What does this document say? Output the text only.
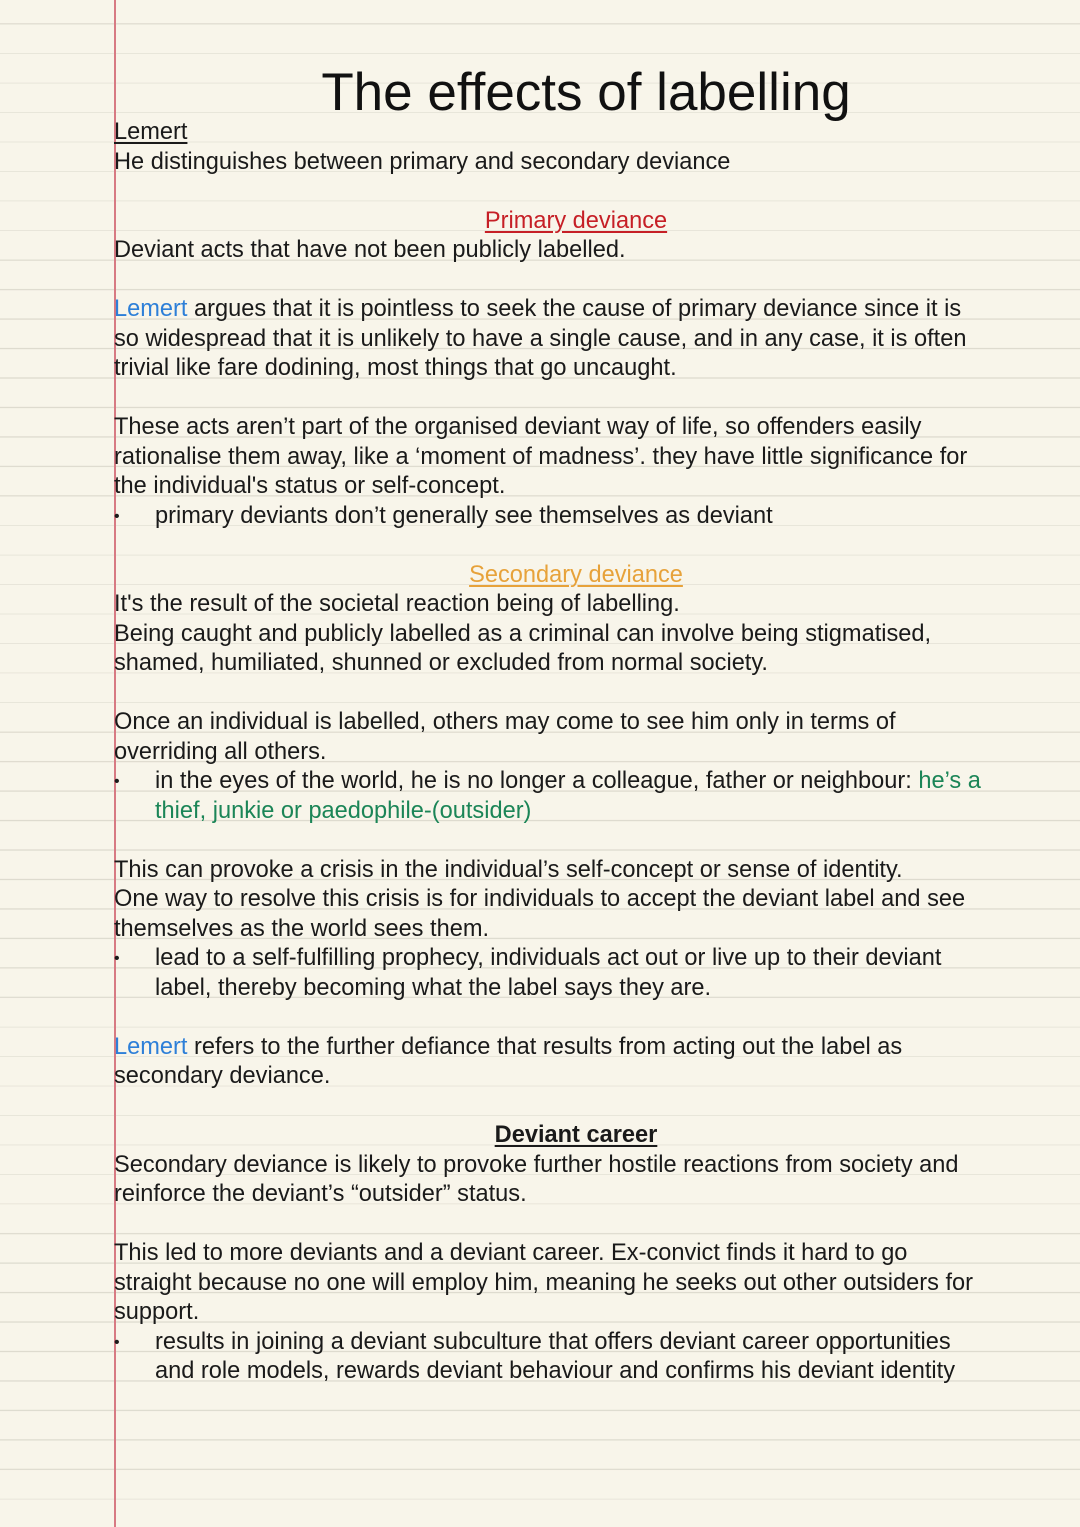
The effects of labelling
Lemert
He distinguishes between primary and secondary deviance
Primary deviance
Deviant acts that have not been publicly labelled.
Lemert argues that it is pointless to seek the cause of primary deviance since it is
so widespread that it is unlikely to have a single cause, and in any case, it is often
trivial like fare dodining, most things that go uncaught.
These acts aren’t part of the organised deviant way of life, so offenders easily
rationalise them away, like a ‘moment of madness’. they have little significance for
the individual's status or self-concept.
• primary deviants don’t generally see themselves as deviant
Secondary deviance
It's the result of the societal reaction being of labelling.
Being caught and publicly labelled as a criminal can involve being stigmatised,
shamed, humiliated, shunned or excluded from normal society.
Once an individual is labelled, others may come to see him only in terms of
overriding all others.
• in the eyes of the world, he is no longer a colleague, father or neighbour: he’s a
thief, junkie or paedophile-(outsider)
This can provoke a crisis in the individual’s self-concept or sense of identity.
One way to resolve this crisis is for individuals to accept the deviant label and see
themselves as the world sees them.
• lead to a self-fulfilling prophecy, individuals act out or live up to their deviant
label, thereby becoming what the label says they are.
Lemert refers to the further defiance that results from acting out the label as
secondary deviance.
Deviant career
Secondary deviance is likely to provoke further hostile reactions from society and
reinforce the deviant’s “outsider” status.
This led to more deviants and a deviant career. Ex-convict finds it hard to go
straight because no one will employ him, meaning he seeks out other outsiders for
support.
• results in joining a deviant subculture that offers deviant career opportunities
and role models, rewards deviant behaviour and confirms his deviant identity
